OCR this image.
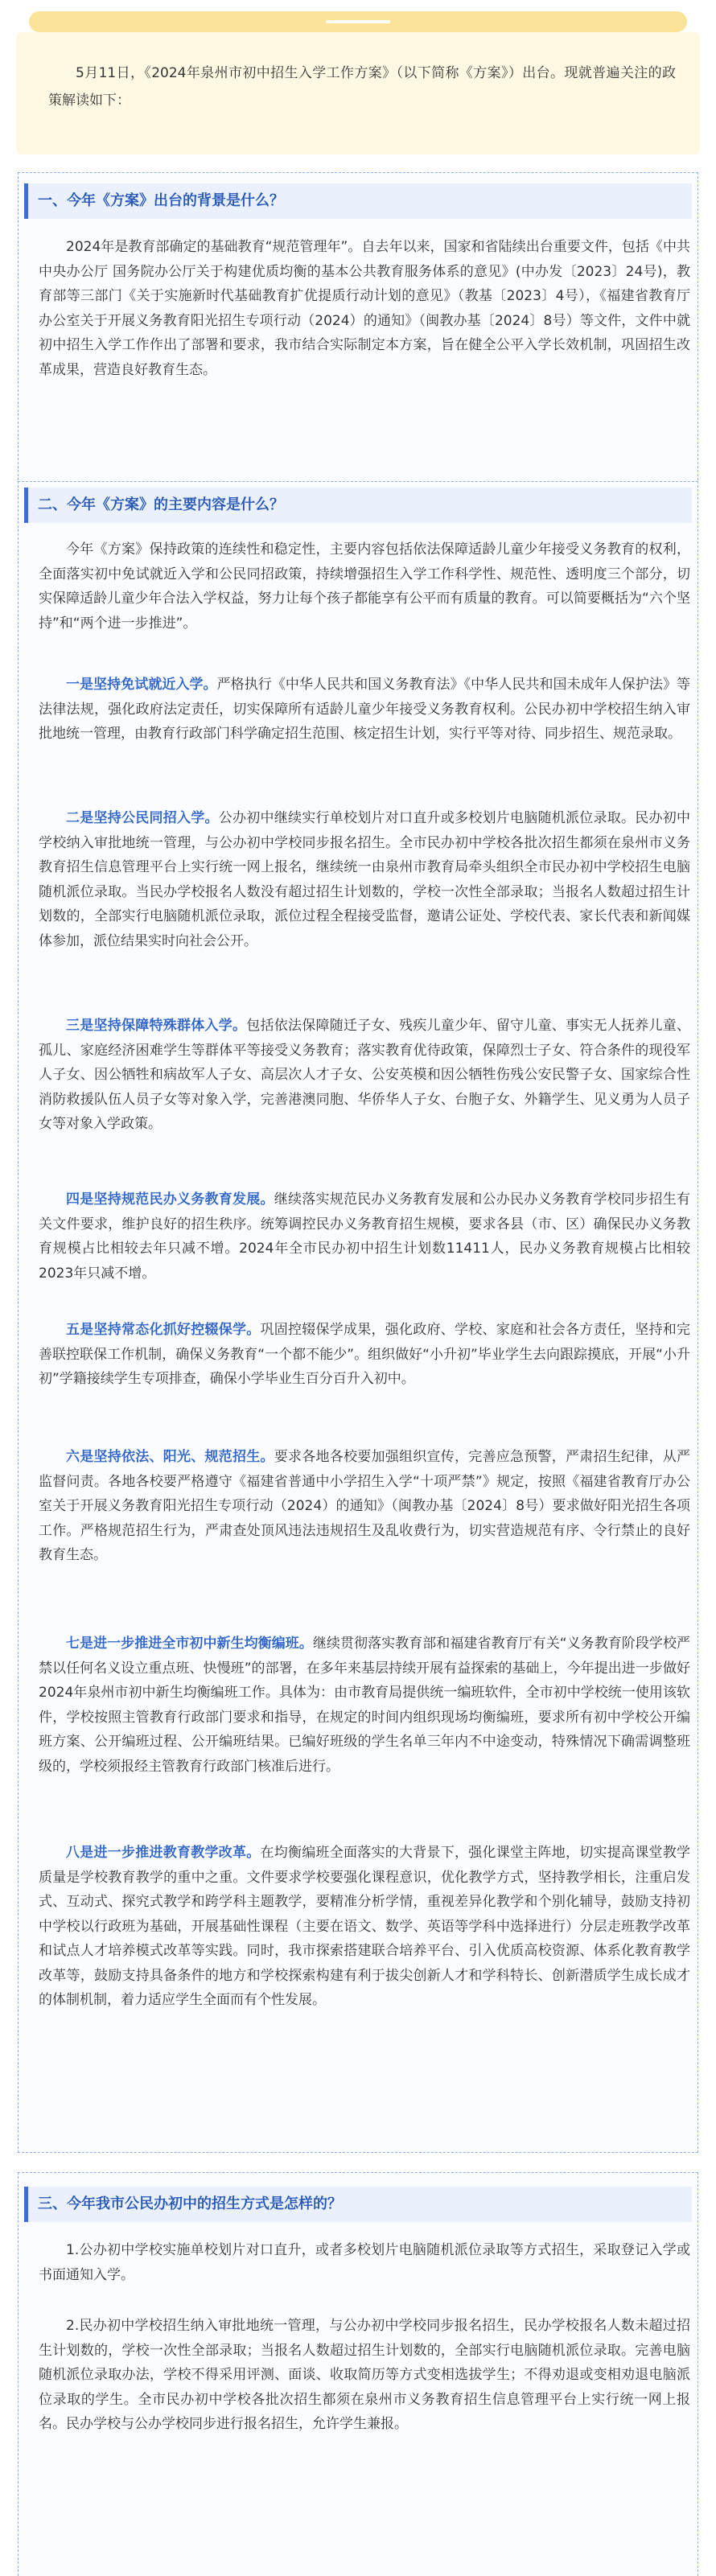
5月11日，《2024年泉州市初中招生入学工作方案》（以下简称《方案》）出台。现就普遍关注的政策解读如下：

一、今年《方案》出台的背景是什么？

2024年是教育部确定的基础教育“规范管理年”。自去年以来，国家和省陆续出台重要文件，包括《中共中央办公厅 国务院办公厅关于构建优质均衡的基本公共教育服务体系的意见》(中办发〔2023〕24号)，教育部等三部门《关于实施新时代基础教育扩优提质行动计划的意见》（教基〔2023〕4号），《福建省教育厅办公室关于开展义务教育阳光招生专项行动（2024）的通知》（闽教办基〔2024〕8号）等文件，文件中就初中招生入学工作作出了部署和要求，我市结合实际制定本方案，旨在健全公平入学长效机制，巩固招生改革成果，营造良好教育生态。

二、今年《方案》的主要内容是什么？

今年《方案》保持政策的连续性和稳定性，主要内容包括依法保障适龄儿童少年接受义务教育的权利，全面落实初中免试就近入学和公民同招政策，持续增强招生入学工作科学性、规范性、透明度三个部分，切实保障适龄儿童少年合法入学权益，努力让每个孩子都能享有公平而有质量的教育。可以简要概括为“六个坚持”和“两个进一步推进”。

一是坚持免试就近入学。严格执行《中华人民共和国义务教育法》《中华人民共和国未成年人保护法》等法律法规，强化政府法定责任，切实保障所有适龄儿童少年接受义务教育权利。公民办初中学校招生纳入审批地统一管理，由教育行政部门科学确定招生范围、核定招生计划，实行平等对待、同步招生、规范录取。

二是坚持公民同招入学。公办初中继续实行单校划片对口直升或多校划片电脑随机派位录取。民办初中学校纳入审批地统一管理，与公办初中学校同步报名招生。全市民办初中学校各批次招生都须在泉州市义务教育招生信息管理平台上实行统一网上报名，继续统一由泉州市教育局牵头组织全市民办初中学校招生电脑随机派位录取。当民办学校报名人数没有超过招生计划数的，学校一次性全部录取；当报名人数超过招生计划数的，全部实行电脑随机派位录取，派位过程全程接受监督，邀请公证处、学校代表、家长代表和新闻媒体参加，派位结果实时向社会公开。

三是坚持保障特殊群体入学。包括依法保障随迁子女、残疾儿童少年、留守儿童、事实无人抚养儿童、孤儿、家庭经济困难学生等群体平等接受义务教育；落实教育优待政策，保障烈士子女、符合条件的现役军人子女、因公牺牲和病故军人子女、高层次人才子女、公安英模和因公牺牲伤残公安民警子女、国家综合性消防救援队伍人员子女等对象入学，完善港澳同胞、华侨华人子女、台胞子女、外籍学生、见义勇为人员子女等对象入学政策。

四是坚持规范民办义务教育发展。继续落实规范民办义务教育发展和公办民办义务教育学校同步招生有关文件要求，维护良好的招生秩序。统筹调控民办义务教育招生规模，要求各县（市、区）确保民办义务教育规模占比相较去年只减不增。2024年全市民办初中招生计划数11411人，民办义务教育规模占比相较2023年只减不增。

五是坚持常态化抓好控辍保学。巩固控辍保学成果，强化政府、学校、家庭和社会各方责任，坚持和完善联控联保工作机制，确保义务教育“一个都不能少”。组织做好“小升初”毕业学生去向跟踪摸底，开展“小升初”学籍接续学生专项排查，确保小学毕业生百分百升入初中。

六是坚持依法、阳光、规范招生。要求各地各校要加强组织宣传，完善应急预警，严肃招生纪律，从严监督问责。各地各校要严格遵守《福建省普通中小学招生入学“十项严禁”》规定，按照《福建省教育厅办公室关于开展义务教育阳光招生专项行动（2024）的通知》（闽教办基〔2024〕8号）要求做好阳光招生各项工作。严格规范招生行为，严肃查处顶风违法违规招生及乱收费行为，切实营造规范有序、令行禁止的良好教育生态。

七是进一步推进全市初中新生均衡编班。继续贯彻落实教育部和福建省教育厅有关“义务教育阶段学校严禁以任何名义设立重点班、快慢班”的部署，在多年来基层持续开展有益探索的基础上，今年提出进一步做好2024年泉州市初中新生均衡编班工作。具体为：由市教育局提供统一编班软件，全市初中学校统一使用该软件，学校按照主管教育行政部门要求和指导，在规定的时间内组织现场均衡编班，要求所有初中学校公开编班方案、公开编班过程、公开编班结果。已编好班级的学生名单三年内不中途变动，特殊情况下确需调整班级的，学校须报经主管教育行政部门核准后进行。

八是进一步推进教育教学改革。在均衡编班全面落实的大背景下，强化课堂主阵地，切实提高课堂教学质量是学校教育教学的重中之重。文件要求学校要强化课程意识，优化教学方式，坚持教学相长，注重启发式、互动式、探究式教学和跨学科主题教学，要精准分析学情，重视差异化教学和个别化辅导，鼓励支持初中学校以行政班为基础，开展基础性课程（主要在语文、数学、英语等学科中选择进行）分层走班教学改革和试点人才培养模式改革等实践。同时，我市探索搭建联合培养平台、引入优质高校资源、体系化教育教学改革等，鼓励支持具备条件的地方和学校探索构建有利于拔尖创新人才和学科特长、创新潜质学生成长成才的体制机制，着力适应学生全面而有个性发展。

三、今年我市公民办初中的招生方式是怎样的？

1.公办初中学校实施单校划片对口直升，或者多校划片电脑随机派位录取等方式招生，采取登记入学或书面通知入学。

2.民办初中学校招生纳入审批地统一管理，与公办初中学校同步报名招生，民办学校报名人数未超过招生计划数的，学校一次性全部录取；当报名人数超过招生计划数的，全部实行电脑随机派位录取。完善电脑随机派位录取办法，学校不得采用评测、面谈、收取简历等方式变相选拔学生；不得劝退或变相劝退电脑派位录取的学生。全市民办初中学校各批次招生都须在泉州市义务教育招生信息管理平台上实行统一网上报名。民办学校与公办学校同步进行报名招生，允许学生兼报。
